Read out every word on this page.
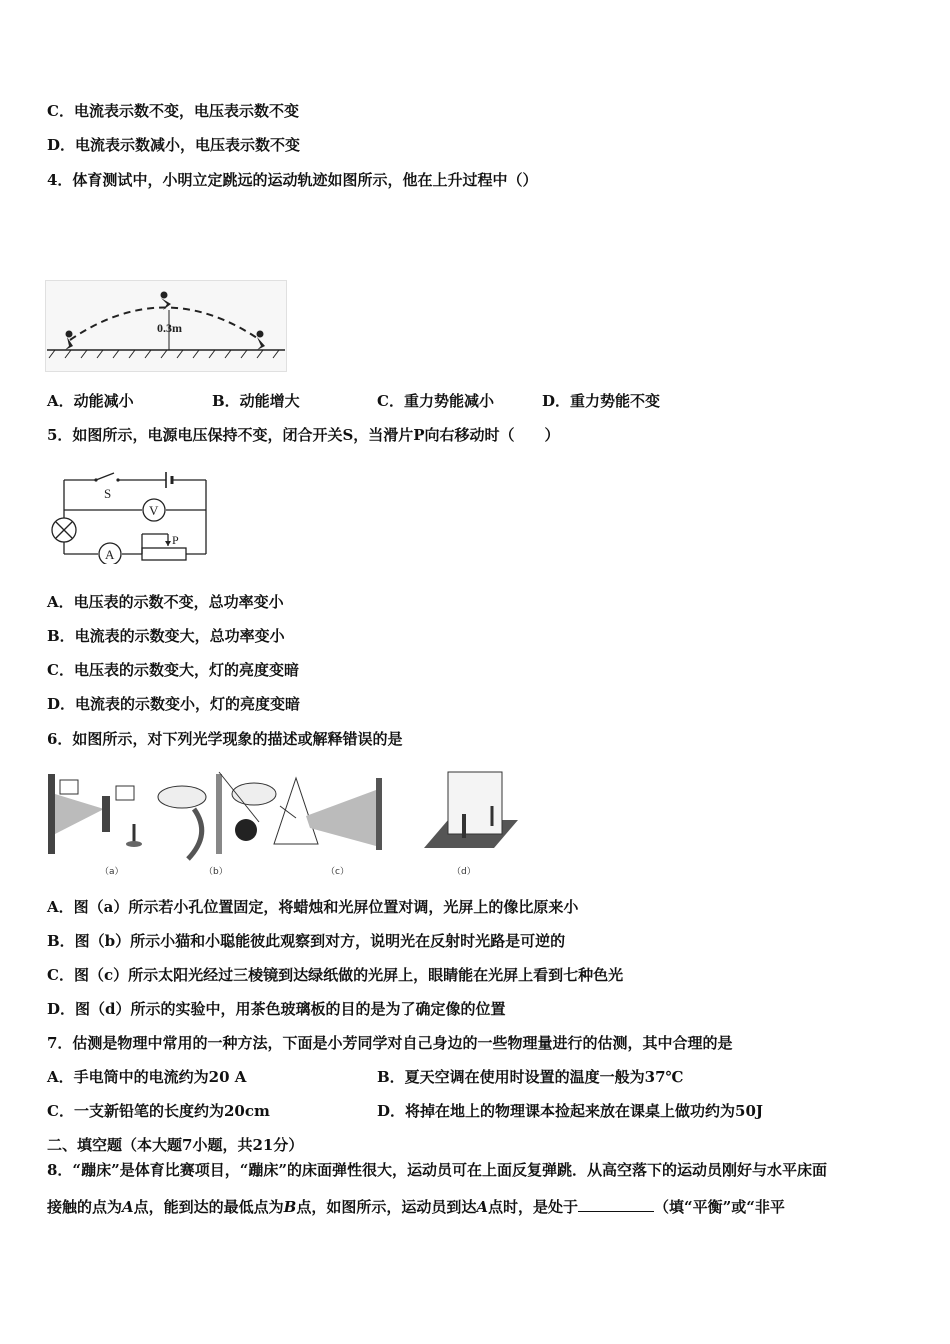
C．电流表示数不变，电压表示数不变
D．电流表示数减小，电压表示数不变
4．体育测试中，小明立定跳远的运动轨迹如图所示，他在上升过程中（）
0.3m
A．动能减小	B．动能增大	C．重力势能减小	D．重力势能不变
5．如图所示，电源电压保持不变，闭合开关S，当滑片P向右移动时（　　）
S
V
A
P
A．电压表的示数不变，总功率变小
B．电流表的示数变大，总功率变小
C．电压表的示数变大，灯的亮度变暗
D．电流表的示数变小，灯的亮度变暗
6．如图所示，对下列光学现象的描述或解释错误的是
（a）	（b）	（c）	（d）
A．图（a）所示若小孔位置固定，将蜡烛和光屏位置对调，光屏上的像比原来小
B．图（b）所示小猫和小聪能彼此观察到对方，说明光在反射时光路是可逆的
C．图（c）所示太阳光经过三棱镜到达绿纸做的光屏上，眼睛能在光屏上看到七种色光
D．图（d）所示的实验中，用茶色玻璃板的目的是为了确定像的位置
7．估测是物理中常用的一种方法，下面是小芳同学对自己身边的一些物理量进行的估测，其中合理的是
A．手电筒中的电流约为20 A	B．夏天空调在使用时设置的温度一般为37℃
C．一支新铅笔的长度约为20cm	D．将掉在地上的物理课本捡起来放在课桌上做功约为50J
二、填空题（本大题7小题，共21分）
8．“蹦床”是体育比赛项目，“蹦床”的床面弹性很大，运动员可在上面反复弹跳．从高空落下的运动员刚好与水平床面
接触的点为A点，能到达的最低点为B点，如图所示，运动员到达A点时，是处于	（填“平衡”或“非平
